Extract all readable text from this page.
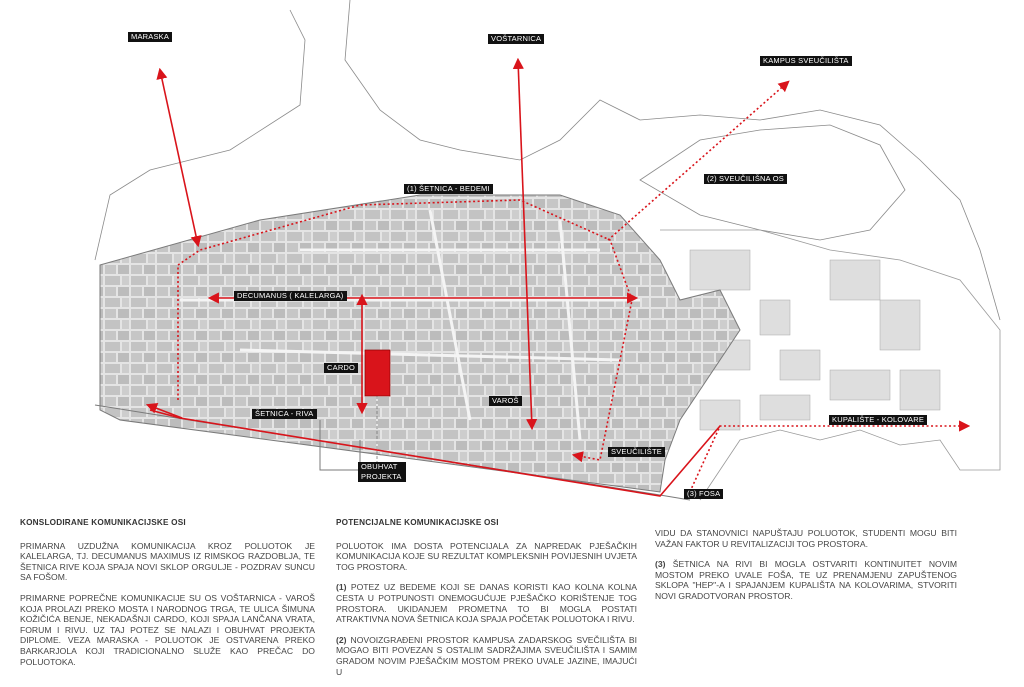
MARASKA	VOŠTARNICA
KAMPUS SVEUČILIŠTA
(1) ŠETNICA - BEDEMI
(2) SVEUČILIŠNA OS
DECUMANUS ( KALELARGA)
CARDO
ŠETNICA - RIVA
VAROŠ
KUPALIŠTE - KOLOVARE
SVEUČILIŠTE
(3) FOSA
OBUHVAT PROJEKTA
KONSLODIRANE KOMUNIKACIJSKE OSI

PRIMARNA UZDUŽNA KOMUNIKACIJA KROZ POLUOTOK JE KALELARGA, TJ. DECUMANUS MAXIMUS IZ RIMSKOG RAZDOBLJA, TE ŠETNICA RIVE KOJA SPAJA NOVI SKLOP ORGULJE - POZDRAV SUNCU SA FOŠOM.

PRIMARNE POPREČNE KOMUNIKACIJE SU OS VOŠTARNICA - VAROŠ KOJA PROLAZI PREKO MOSTA I NARODNOG TRGA, TE ULICA ŠIMUNA KOŽIČIĆA BENJE, NEKADAŠNJI CARDO, KOJI SPAJA LANČANA VRATA, FORUM I RIVU. UZ TAJ POTEZ SE NALAZI I OBUHVAT PROJEKTA DIPLOME. VEZA MARASKA - POLUOTOK JE OSTVARENA PREKO BARKARJOLA KOJI TRADICIONALNO SLUŽE KAO PREČAC DO POLUOTOKA.

POTENCIJALNE KOMUNIKACIJSKE OSI

POLUOTOK IMA DOSTA POTENCIJALA ZA NAPREDAK PJEŠAČKIH KOMUNIKACIJA KOJE SU REZULTAT KOMPLEKSNIH POVIJESNIH UVJETA TOG PROSTORA.

(1) POTEZ UZ BEDEME KOJI SE DANAS KORISTI KAO KOLNA KOLNA CESTA U POTPUNOSTI ONEMOGUĆUJE PJEŠAČKO KORIŠTENJE TOG PROSTORA. UKIDANJEM PROMETNA TO BI MOGLA POSTATI ATRAKTIVNA NOVA ŠETNICA KOJA SPAJA POČETAK POLUOTOKA I RIVU.

(2) NOVOIZGRAĐENI PROSTOR KAMPUSA ZADARSKOG SVEČILIŠTA BI MOGAO BITI POVEZAN S OSTALIM SADRŽAJIMA SVEUČILIŠTA I SAMIM GRADOM NOVIM PJEŠAČKIM MOSTOM PREKO UVALE JAZINE, IMAJUĆI U

VIDU DA STANOVNICI NAPUŠTAJU POLUOTOK, STUDENTI MOGU BITI VAŽAN FAKTOR U REVITALIZACIJI TOG PROSTORA.

(3) ŠETNICA NA RIVI BI MOGLA OSTVARITI KONTINUITET NOVIM MOSTOM PREKO UVALE FOŠA, TE UZ PRENAMJENU ZAPUŠTENOG SKLOPA "HEP"-A I SPAJANJEM KUPALIŠTA NA KOLOVARIMA, STVORITI NOVI GRADOTVORAN PROSTOR.
